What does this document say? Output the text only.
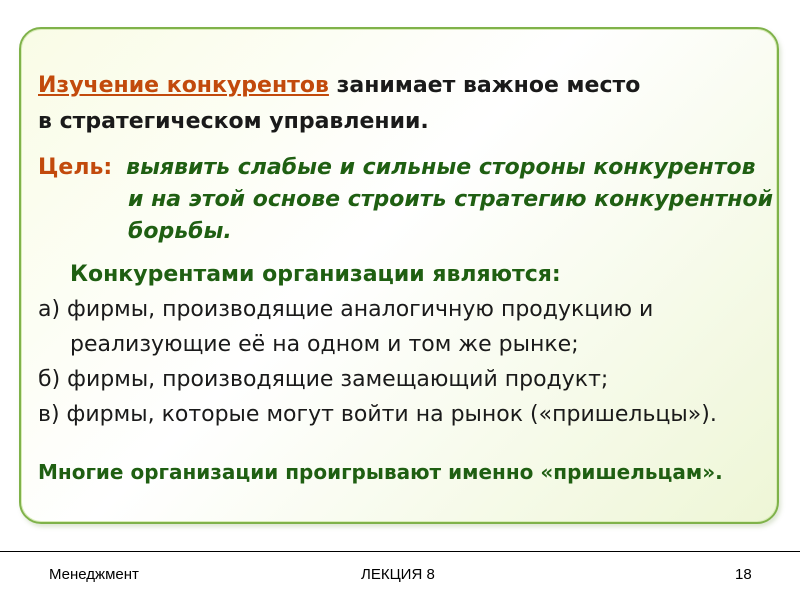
Изучение конкурентов занимает важное место
в стратегическом управлении.
Цель: выявить слабые и сильные стороны конкурентов
и на этой основе строить стратегию конкурентной
борьбы.
Конкурентами организации являются:
а) фирмы, производящие аналогичную продукцию и
реализующие её на одном и том же рынке;
б) фирмы, производящие замещающий продукт;
в) фирмы, которые могут войти на рынок («пришельцы»).
Многие организации проигрывают именно «пришельцам».
Менеджмент	ЛЕКЦИЯ 8	18
